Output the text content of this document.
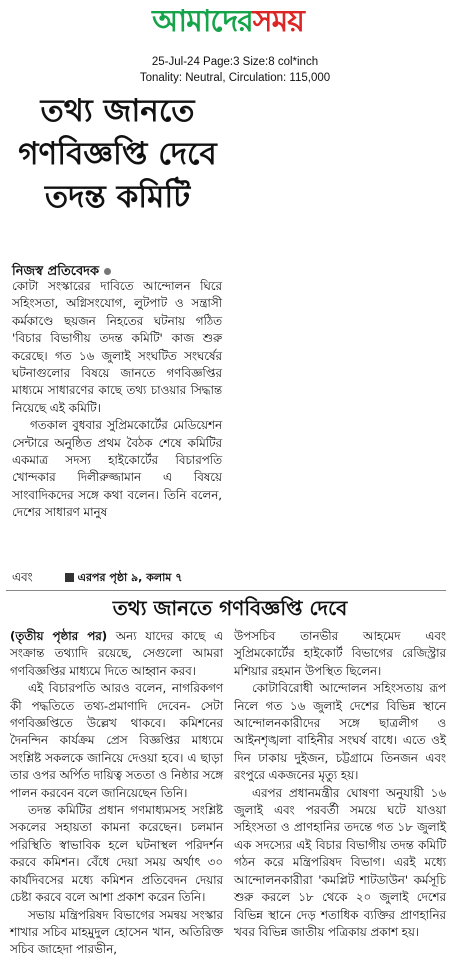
আমাদের সময়
25-Jul-24 Page:3 Size:8 col*inch
Tonality: Neutral, Circulation: 115,000
তথ্য জানতে গণবিজ্ঞপ্তি দেবে তদন্ত কমিটি
নিজস্ব প্রতিবেদক

কোটা সংস্কারের দাবিতে আন্দোলন ঘিরে সহিংসতা, অগ্নিসংযোগ, লুটপাট ও সন্ত্রাসী কর্মকাণ্ডে ছয়জন নিহতের ঘটনায় গঠিত 'বিচার বিভাগীয় তদন্ত কমিটি' কাজ শুরু করেছে। গত ১৬ জুলাই সংঘটিত সংঘর্ষের ঘটনাগুলোর বিষয়ে জানতে গণবিজ্ঞপ্তির মাধ্যমে সাধারণের কাছে তথ্য চাওয়ার সিদ্ধান্ত নিয়েছে এই কমিটি।

গতকাল বুধবার সুপ্রিমকোর্টের মেডিয়েশন সেন্টারে অনুষ্ঠিত প্রথম বৈঠক শেষে কমিটির একমাত্র সদস্য হাইকোর্টের বিচারপতি খোন্দকার দিলীরুজ্জামান এ বিষয়ে সাংবাদিকদের সঙ্গে কথা বলেন। তিনি বলেন, দেশের সাধারণ মানুষ

এবং	এরপর পৃষ্ঠা ৯, কলাম ৭
তথ্য জানতে গণবিজ্ঞপ্তি দেবে

(তৃতীয় পৃষ্ঠার পর) অন্য যাদের কাছে এ সংক্রান্ত তথ্যাদি রয়েছে, সেগুলো আমরা গণবিজ্ঞপ্তির মাধ্যমে দিতে আহ্বান করব।

এই বিচারপতি আরও বলেন, নাগরিকগণ কী পদ্ধতিতে তথ্য-প্রমাণাদি দেবেন- সেটা গণবিজ্ঞপ্তিতে উল্লেখ থাকবে। কমিশনের দৈনন্দিন কার্যক্রম প্রেস বিজ্ঞপ্তির মাধ্যমে সংশ্লিষ্ট সকলকে জানিয়ে দেওয়া হবে। এ ছাড়া তার ওপর অর্পিত দায়িত্ব সততা ও নিষ্ঠার সঙ্গে পালন করবেন বলে জানিয়েছেন তিনি।

তদন্ত কমিটির প্রধান গণমাধ্যমসহ সংশ্লিষ্ট সকলের সহায়তা কামনা করেছেন। চলমান পরিস্থিতি স্বাভাবিক হলে ঘটনাস্থল পরিদর্শন করবে কমিশন। বেঁধে দেয়া সময় অর্থাৎ ৩০ কার্যদিবসের মধ্যে কমিশন প্রতিবেদন দেয়ার চেষ্টা করবে বলে আশা প্রকাশ করেন তিনি।

সভায় মন্ত্রিপরিষদ বিভাগের সমন্বয় সংস্কার শাখার সচিব মাহমুদুল হোসেন খান, অতিরিক্ত সচিব জাহেদা পারভীন,

উপসচিব তানভীর আহমেদ এবং সুপ্রিমকোর্টের হাইকোর্ট বিভাগের রেজিস্ট্রার মশিয়ার রহমান উপস্থিত ছিলেন।

কোটাবিরোধী আন্দোলন সহিংসতায় রূপ নিলে গত ১৬ জুলাই দেশের বিভিন্ন স্থানে আন্দোলনকারীদের সঙ্গে ছাত্রলীগ ও আইনশৃঙ্খলা বাহিনীর সংঘর্ষ বাধে। এতে ওই দিন ঢাকায় দুইজন, চট্টগ্রামে তিনজন এবং রংপুরে একজনের মৃত্যু হয়।

এরপর প্রধানমন্ত্রীর ঘোষণা অনুযায়ী ১৬ জুলাই এবং পরবর্তী সময়ে ঘটে যাওয়া সহিংসতা ও প্রাণহানির তদন্তে গত ১৮ জুলাই এক সদস্যের এই বিচার বিভাগীয় তদন্ত কমিটি গঠন করে মন্ত্রিপরিষদ বিভাগ। এরই মধ্যে আন্দোলনকারীরা 'কমপ্লিট শাটডাউন' কর্মসূচি শুরু করলে ১৮ থেকে ২০ জুলাই দেশের বিভিন্ন স্থানে দেড় শতাধিক ব্যক্তির প্রাণহানির খবর বিভিন্ন জাতীয় পত্রিকায় প্রকাশ হয়।
